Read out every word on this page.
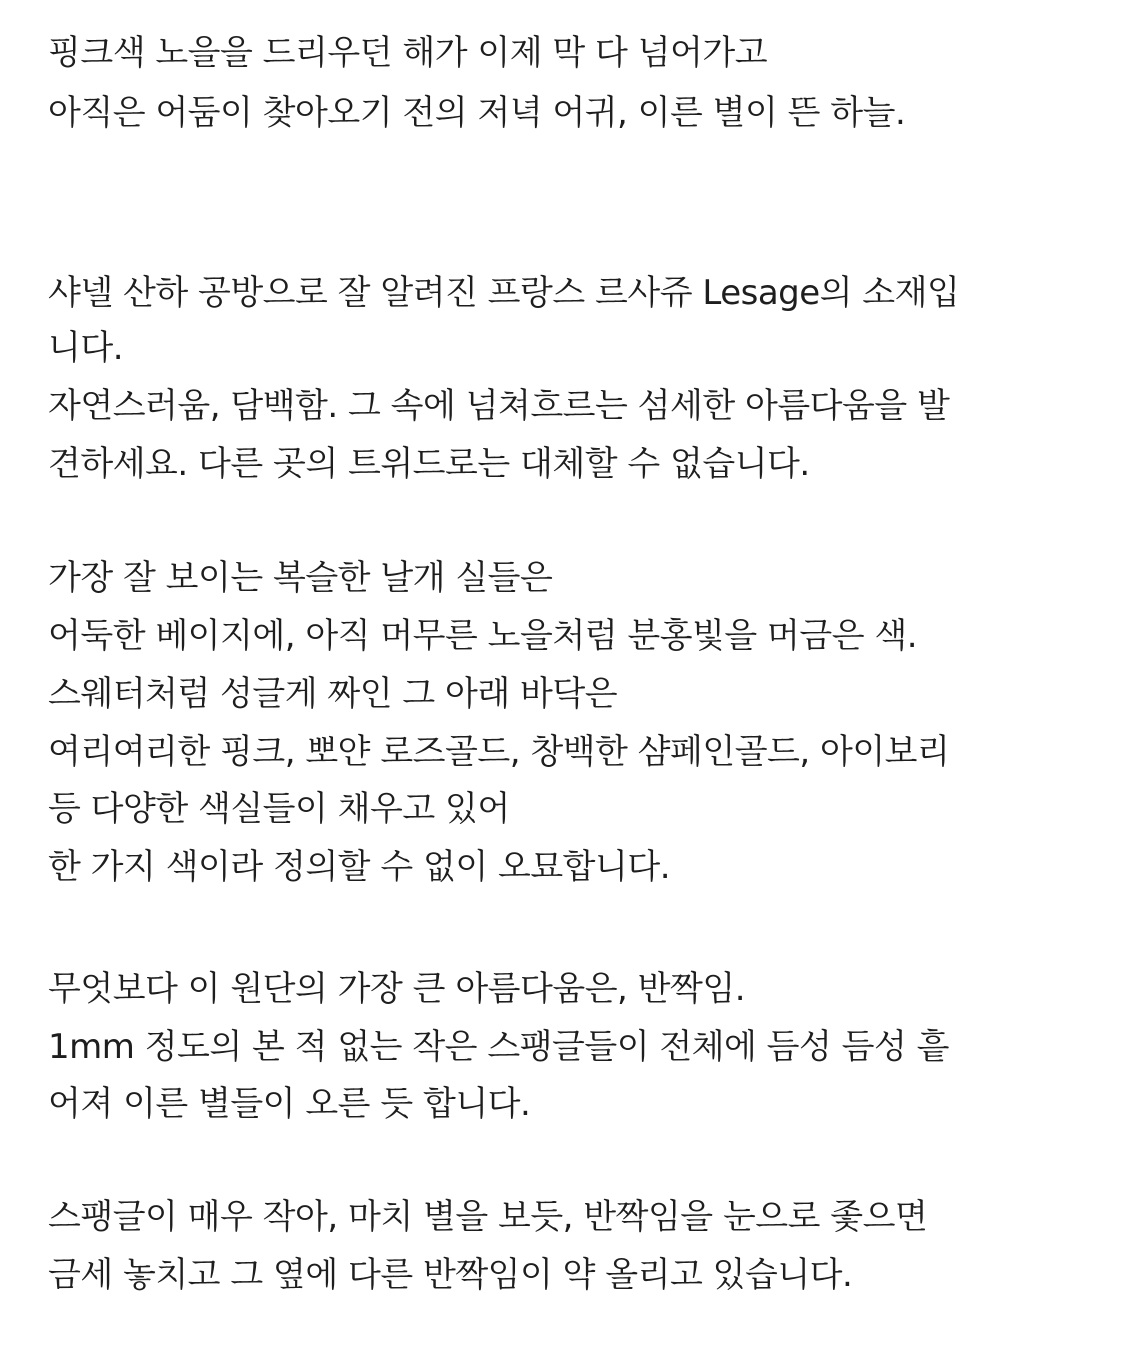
핑크색 노을을 드리우던 해가 이제 막 다 넘어가고
아직은 어둠이 찾아오기 전의 저녁 어귀, 이른 별이 뜬 하늘.
샤넬 산하 공방으로 잘 알려진 프랑스 르사쥬 Lesage의 소재입
니다.
자연스러움, 담백함. 그 속에 넘쳐흐르는 섬세한 아름다움을 발
견하세요. 다른 곳의 트위드로는 대체할 수 없습니다.
가장 잘 보이는 복슬한 날개 실들은
어둑한 베이지에, 아직 머무른 노을처럼 분홍빛을 머금은 색.
스웨터처럼 성글게 짜인 그 아래 바닥은
여리여리한 핑크, 뽀얀 로즈골드, 창백한 샴페인골드, 아이보리
등 다양한 색실들이 채우고 있어
한 가지 색이라 정의할 수 없이 오묘합니다.
무엇보다 이 원단의 가장 큰 아름다움은, 반짝임.
1mm 정도의 본 적 없는 작은 스팽글들이 전체에 듬성 듬성 흩
어져 이른 별들이 오른 듯 합니다.
스팽글이 매우 작아, 마치 별을 보듯, 반짝임을 눈으로 좇으면
금세 놓치고 그 옆에 다른 반짝임이 약 올리고 있습니다.
